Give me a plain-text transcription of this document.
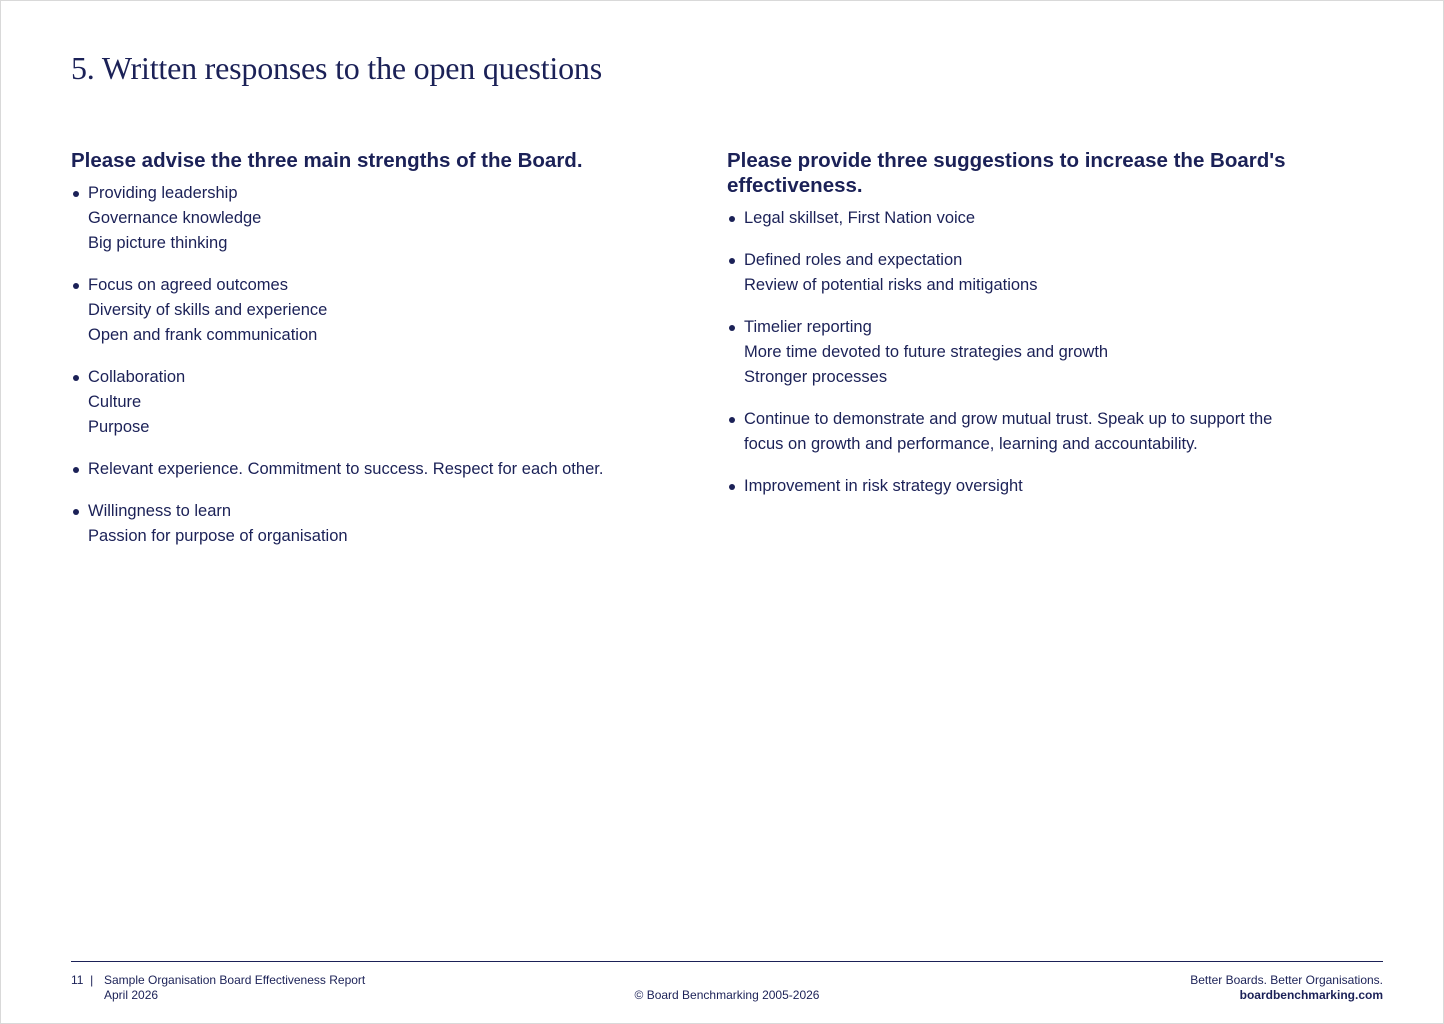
5. Written responses to the open questions
Please advise the three main strengths of the Board.
Providing leadership
Governance knowledge
Big picture thinking
Focus on agreed outcomes
Diversity of skills and experience
Open and frank communication
Collaboration
Culture
Purpose
Relevant experience. Commitment to success. Respect for each other.
Willingness to learn
Passion for purpose of organisation
Please provide three suggestions to increase the Board's effectiveness.
Legal skillset, First Nation voice
Defined roles and expectation
Review of potential risks and mitigations
Timelier reporting
More time devoted to future strategies and growth
Stronger processes
Continue to demonstrate and grow mutual trust. Speak up to support the
focus on growth and performance, learning and accountability.
Improvement in risk strategy oversight
11 | Sample Organisation Board Effectiveness Report
April 2026	© Board Benchmarking 2005-2026
Better Boards. Better Organisations.
boardbenchmarking.com
